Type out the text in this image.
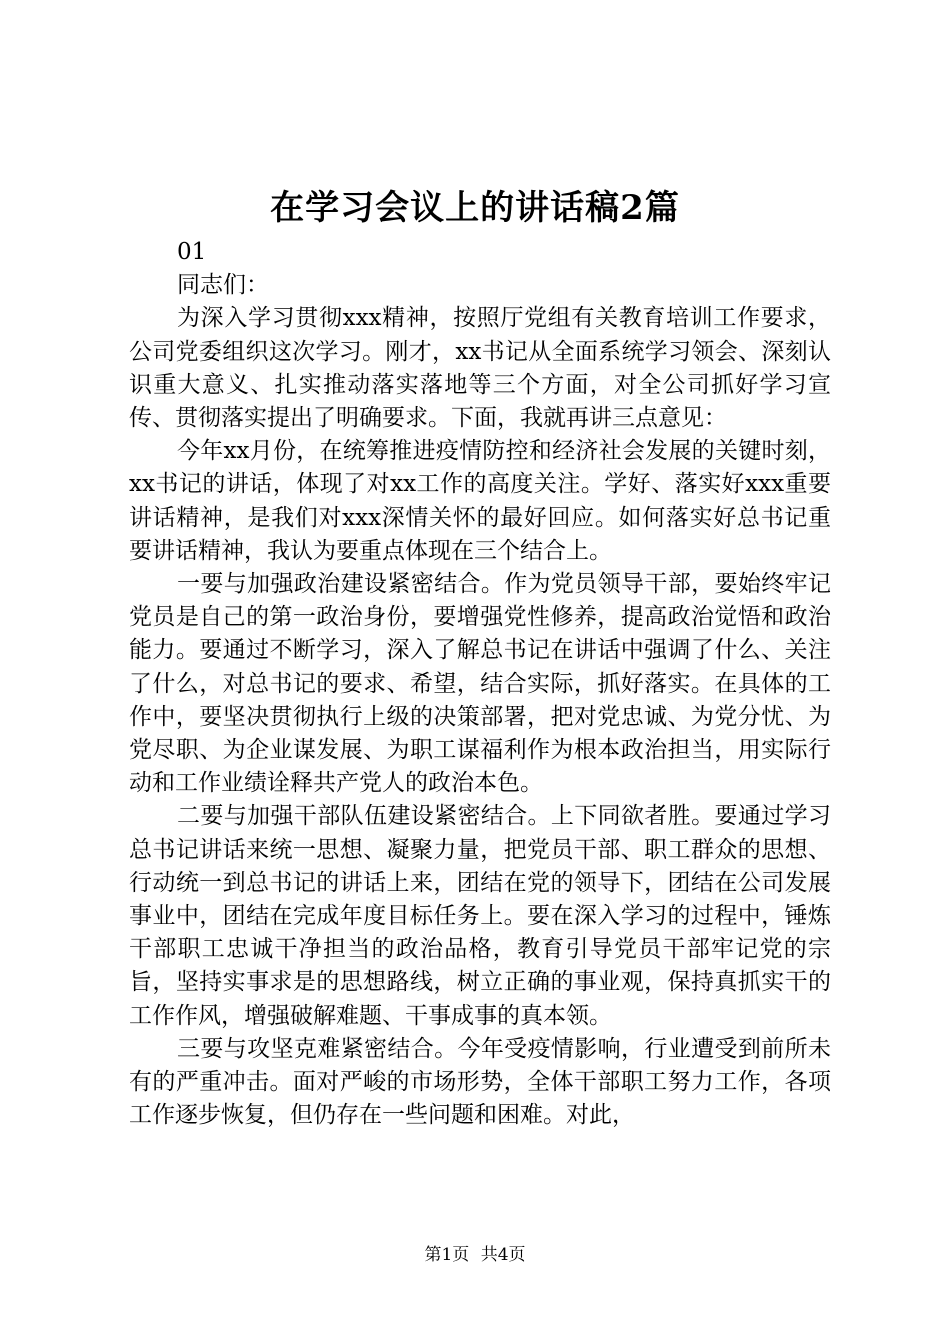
在学习会议上的讲话稿2篇

01

同志们：

为深入学习贯彻xxx精神，按照厅党组有关教育培训工作要求，公司党委组织这次学习。刚才，xx书记从全面系统学习领会、深刻认识重大意义、扎实推动落实落地等三个方面，对全公司抓好学习宣传、贯彻落实提出了明确要求。下面，我就再讲三点意见：

今年xx月份，在统筹推进疫情防控和经济社会发展的关键时刻，xx书记的讲话，体现了对xx工作的高度关注。学好、落实好xxx重要讲话精神，是我们对xxx深情关怀的最好回应。如何落实好总书记重要讲话精神，我认为要重点体现在三个结合上。

一要与加强政治建设紧密结合。作为党员领导干部，要始终牢记党员是自己的第一政治身份，要增强党性修养，提高政治觉悟和政治能力。要通过不断学习，深入了解总书记在讲话中强调了什么、关注了什么，对总书记的要求、希望，结合实际，抓好落实。在具体的工作中，要坚决贯彻执行上级的决策部署，把对党忠诚、为党分忧、为党尽职、为企业谋发展、为职工谋福利作为根本政治担当，用实际行动和工作业绩诠释共产党人的政治本色。

二要与加强干部队伍建设紧密结合。上下同欲者胜。要通过学习总书记讲话来统一思想、凝聚力量，把党员干部、职工群众的思想、行动统一到总书记的讲话上来，团结在党的领导下，团结在公司发展事业中，团结在完成年度目标任务上。要在深入学习的过程中，锤炼干部职工忠诚干净担当的政治品格，教育引导党员干部牢记党的宗旨，坚持实事求是的思想路线，树立正确的事业观，保持真抓实干的工作作风，增强破解难题、干事成事的真本领。

三要与攻坚克难紧密结合。今年受疫情影响，行业遭受到前所未有的严重冲击。面对严峻的市场形势，全体干部职工努力工作，各项工作逐步恢复，但仍存在一些问题和困难。对此，

第1页 共4页
